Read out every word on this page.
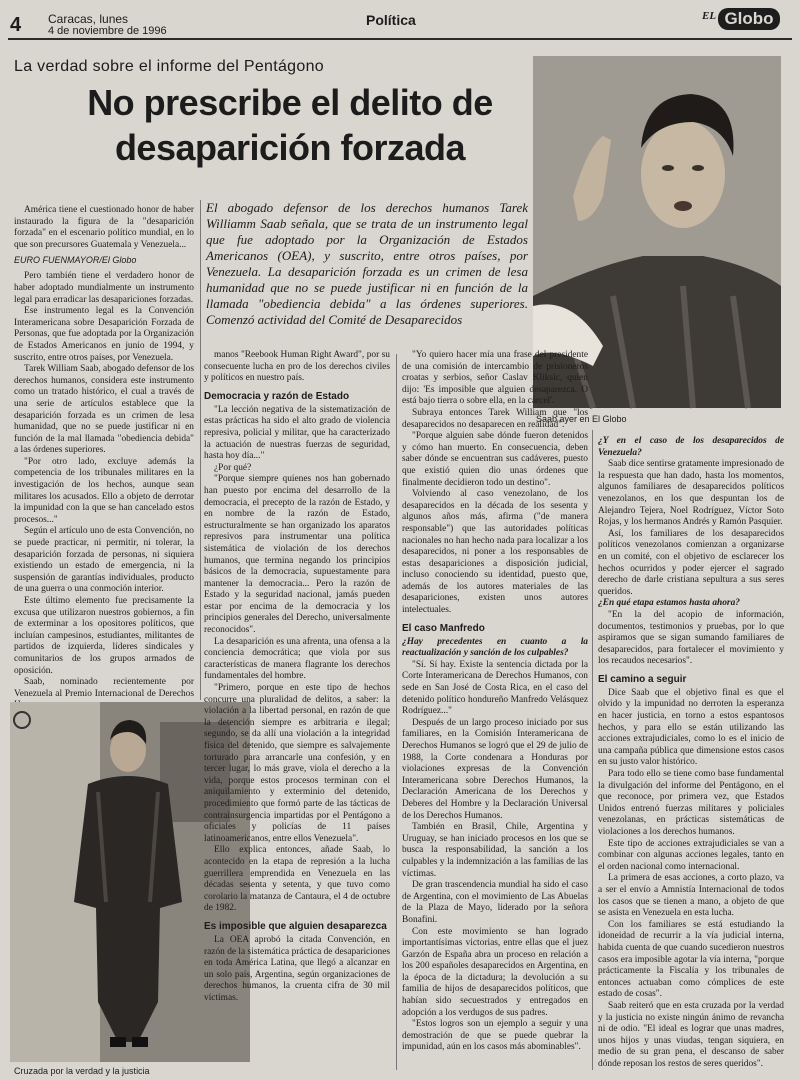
4 Caracas, lunes
4 de noviembre de 1996
Política	EL Globo
La verdad sobre el informe del Pentágono
No prescribe el delito de desaparición forzada
Saab ayer en El Globo
El abogado defensor de los derechos humanos Tarek Williamm Saab señala, que se trata de un instrumento legal que fue adoptado por la Organización de Estados Americanos (OEA), y suscrito, entre otros países, por Venezuela. La desaparición forzada es un crimen de lesa humanidad que no se puede justificar ni en función de la llamada "obediencia debida" a las órdenes superiores. Comenzó actividad del Comité de Desaparecidos

América tiene el cuestionado honor de haber instaurado la figura de la "desaparición forzada" en el escenario político mundial, en lo que son precursores Guatemala y Venezuela...

EURO FUENMAYOR/El Globo

Pero también tiene el verdadero honor de haber adoptado mundialmente un instrumento legal para erradicar las desapariciones forzadas.

Ese instrumento legal es la Convención Interamericana sobre Desaparición Forzada de Personas, que fue adoptada por la Organización de Estados Americanos en junio de 1994, y suscrito, entre otros países, por Venezuela.

Tarek William Saab, abogado defensor de los derechos humanos, considera este instrumento como un tratado histórico, el cual a través de una serie de artículos establece que la desaparición forzada es un crimen de lesa humanidad, que no se puede justificar ni en función de la mal llamada "obediencia debida" a las órdenes superiores.

"Por otro lado, excluye además la competencia de los tribunales militares en la investigación de los hechos, aunque sean militares los acusados. Ello a objeto de derrotar la impunidad con la que se han cancelado estos procesos..."

Según el artículo uno de esta Convención, no se puede practicar, ni permitir, ni tolerar, la desaparición forzada de personas, ni siquiera existiendo un estado de emergencia, ni la suspensión de garantías individuales, producto de una guerra o una conmoción interior.

Este último elemento fue precisamente la excusa que utilizaron nuestros gobiernos, a fin de exterminar a los opositores políticos, que incluían campesinos, estudiantes, militantes de partidos de izquierda, líderes sindicales y comunitarios de los grupos armados de oposición.

Saab, nominado recientemente por Venezuela al Premio Internacional de Derechos

Cruzada por la verdad y la justicia

manos "Reebook Human Right Award", por su consecuente lucha en pro de los derechos civiles y políticos en nuestro país.

Democracia y razón de Estado

"La lección negativa de la sistematización de estas prácticas ha sido el alto grado de violencia represiva, policial y militar, que ha caracterizado la actuación de nuestras fuerzas de seguridad, hasta hoy día..."

¿Por qué?

"Porque siempre quienes nos han gobernado han puesto por encima del desarrollo de la democracia, el precepto de la razón de Estado, y en nombre de la razón de Estado, estructuralmente se han organizado los aparatos represivos para instrumentar una política sistemática de violación de los derechos humanos, que termina negando los principios básicos de la democracia, supuestamente para mantener la democracia... Pero la razón de Estado y la seguridad nacional, jamás pueden estar por encima de la democracia y los principios generales del Derecho, universalmente reconocidos".

La desaparición es una afrenta, una ofensa a la conciencia democrática; que viola por sus características de manera flagrante los derechos fundamentales del hombre.

"Primero, porque en este tipo de hechos concurre una pluralidad de delitos, a saber: la violación a la libertad personal, en razón de que la detención siempre es arbitraria e ilegal; segundo, se da allí una violación a la integridad física del detenido, que siempre es salvajemente torturado para arrancarle una confesión, y en tercer lugar, lo más grave, viola el derecho a la vida, porque estos procesos terminan con el aniquilamiento y exterminio del detenido, procedimiento que formó parte de las tácticas de contrainsurgencia impartidas por el Pentágono a oficiales y policías de 11 países latinoamericanos, entre ellos Venezuela".

Ello explica entonces, añade Saab, lo acontecido en la etapa de represión a la lucha guerrillera emprendida en Venezuela en las décadas sesenta y setenta, y que tuvo como corolario la matanza de Cantaura, el 4 de octubre de 1982.

Es imposible que alguien desaparezca

La OEA aprobó la citada Convención, en razón de la sistemática práctica de desapariciones en toda América Latina, que llegó a alcanzar en un solo país, Argentina, según organizaciones de derechos humanos, la cruenta cifra de 30 mil víctimas.

"Yo quiero hacer mía una frase del presidente de una comisión de intercambio de prisioneros croatas y serbios, señor Caslav Kliksic, quien dijo: 'Es imposible que alguien desaparezca. O está bajo tierra o sobre ella, en la cárcel'.

Subraya entonces Tarek William que "los desaparecidos no desaparecen en realidad".

"Porque alguien sabe dónde fueron detenidos y cómo han muerto. En consecuencia, deben saber dónde se encuentran sus cadáveres, puesto que existió quien dio unas órdenes que finalmente decidieron todo un destino".

Volviendo al caso venezolano, de los desaparecidos en la década de los sesenta y algunos años más, afirma ("de manera responsable") que las autoridades políticas nacionales no han hecho nada para localizar a los desaparecidos, ni poner a los responsables de estas desapariciones a disposición judicial, incluso conociendo su identidad, puesto que, además de los autores materiales de las desapariciones, existen unos autores intelectuales.

El caso Manfredo

¿Hay precedentes en cuanto a la reactualización y sanción de los culpables?

"Sí. Sí hay. Existe la sentencia dictada por la Corte Interamericana de Derechos Humanos, con sede en San José de Costa Rica, en el caso del detenido político hondureño Manfredo Velásquez Rodríguez..."

Después de un largo proceso iniciado por sus familiares, en la Comisión Interamericana de Derechos Humanos se logró que el 29 de julio de 1988, la Corte condenara a Honduras por violaciones expresas de la Convención Interamericana sobre Derechos Humanos, la Declaración Americana de los Derechos y Deberes del Hombre y la Declaración Universal de los Derechos Humanos.

También en Brasil, Chile, Argentina y Uruguay, se han iniciado procesos en los que se busca la responsabilidad, la sanción a los culpables y la indemnización a las familias de las víctimas.

De gran trascendencia mundial ha sido el caso de Argentina, con el movimiento de Las Abuelas de la Plaza de Mayo, liderado por la señora Bonafini.

Con este movimiento se han logrado importantísimas victorias, entre ellas que el juez Garzón de España abra un proceso en relación a los 200 españoles desaparecidos en Argentina, en la época de la dictadura; la devolución a su familia de hijos de desaparecidos políticos, que habían sido secuestrados y entregados en adopción a los verdugos de sus padres.

"Estos logros son un ejemplo a seguir y una demostración de que se puede quebrar la impunidad, aún en los casos más abominables".

¿Y en el caso de los desaparecidos de Venezuela?

Saab dice sentirse gratamente impresionado de la respuesta que han dado, hasta los momentos, algunos familiares de desaparecidos políticos venezolanos, en los que despuntan los de Alejandro Tejera, Noel Rodríguez, Víctor Soto Rojas, y los hermanos Andrés y Ramón Pasquier.

Así, los familiares de los desaparecidos políticos venezolanos comienzan a organizarse en un comité, con el objetivo de esclarecer los hechos ocurridos y poder ejercer el sagrado derecho de darle cristiana sepultura a sus seres queridos.

¿En qué etapa estamos hasta ahora?

"En la del acopio de información, documentos, testimonios y pruebas, por lo que aspiramos que se sigan sumando familiares de desaparecidos, para fortalecer el movimiento y los recaudos necesarios".

El camino a seguir

Dice Saab que el objetivo final es que el olvido y la impunidad no derroten la esperanza en hacer justicia, en torno a estos espantosos hechos, y para ello se están utilizando las acciones extrajudiciales, como lo es el inicio de una campaña pública que dimensione estos casos en su justo valor histórico.

Para todo ello se tiene como base fundamental la divulgación del informe del Pentágono, en el que reconoce, por primera vez, que Estados Unidos entrenó fuerzas militares y policiales venezolanas, en prácticas sistemáticas de violaciones a los derechos humanos.

Este tipo de acciones extrajudiciales se van a combinar con algunas acciones legales, tanto en el orden nacional como internacional.

La primera de esas acciones, a corto plazo, va a ser el envío a Amnistía Internacional de todos los casos que se tienen a mano, a objeto de que se asista en Venezuela en esta lucha.

Con los familiares se está estudiando la idoneidad de recurrir a la vía judicial interna, habida cuenta de que cuando sucedieron nuestros casos era imposible agotar la vía interna, "porque prácticamente la Fiscalía y los tribunales de entonces actuaban como cómplices de este estado de cosas".

Saab reiteró que en esta cruzada por la verdad y la justicia no existe ningún ánimo de revancha ni de odio. "El ideal es lograr que unas madres, unos hijos y unas viudas, tengan siquiera, en medio de su gran pena, el descanso de saber dónde reposan los restos de seres queridos".
